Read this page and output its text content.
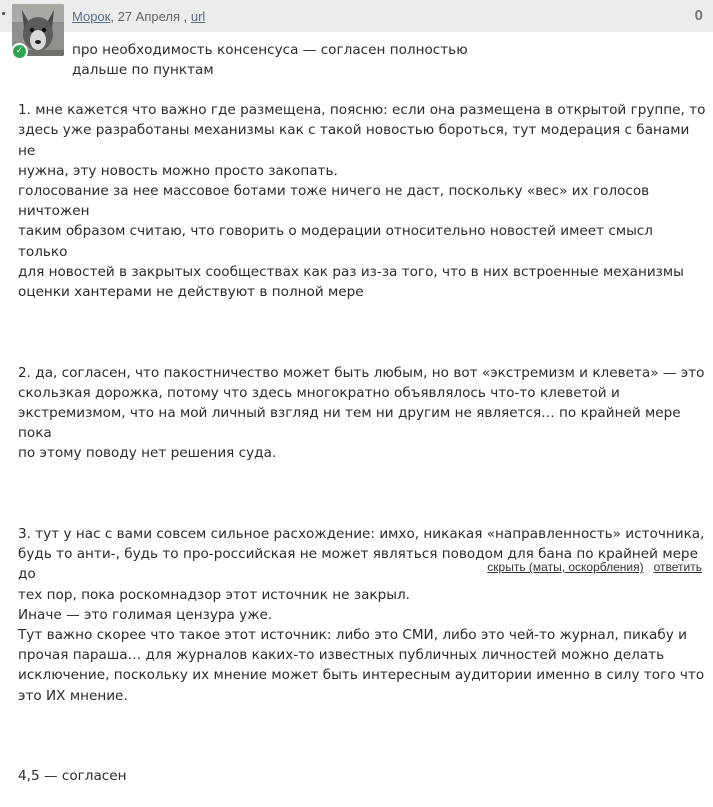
Морок, 27 Апреля , url	0
✓	про необходимость консенсуса — согласен полностью
дальше по пунктам

1. мне кажется что важно где размещена, поясню: если она размещена в открытой группе, то
здесь уже разработаны механизмы как с такой новостью бороться, тут модерация с банами не
нужна, эту новость можно просто закопать.
голосование за нее массовое ботами тоже ничего не даст, поскольку «вес» их голосов ничтожен
таким образом считаю, что говорить о модерации относительно новостей имеет смысл только
для новостей в закрытых сообществах как раз из-за того, что в них встроенные механизмы
оценки хантерами не действуют в полной мере

2. да, согласен, что пакостничество может быть любым, но вот «экстремизм и клевета» — это
скользкая дорожка, потому что здесь многократно объявлялось что-то клеветой и
экстремизмом, что на мой личный взгляд ни тем ни другим не является… по крайней мере пока
по этому поводу нет решения суда.

3. тут у нас с вами совсем сильное расхождение: имхо, никакая «направленность» источника,
будь то анти-, будь то про-российская не может являться поводом для бана по крайней мере до
тех пор, пока роскомнадзор этот источник не закрыл.
Иначе — это голимая цензура уже.
Тут важно скорее что такое этот источник: либо это СМИ, либо это чей-то журнал, пикабу и
прочая параша… для журналов каких-то известных публичных личностей можно делать
исключение, поскольку их мнение может быть интересным аудитории именно в силу того что
это ИХ мнение.

4,5 — согласен

скрыть (маты, оскорбления) ответить
